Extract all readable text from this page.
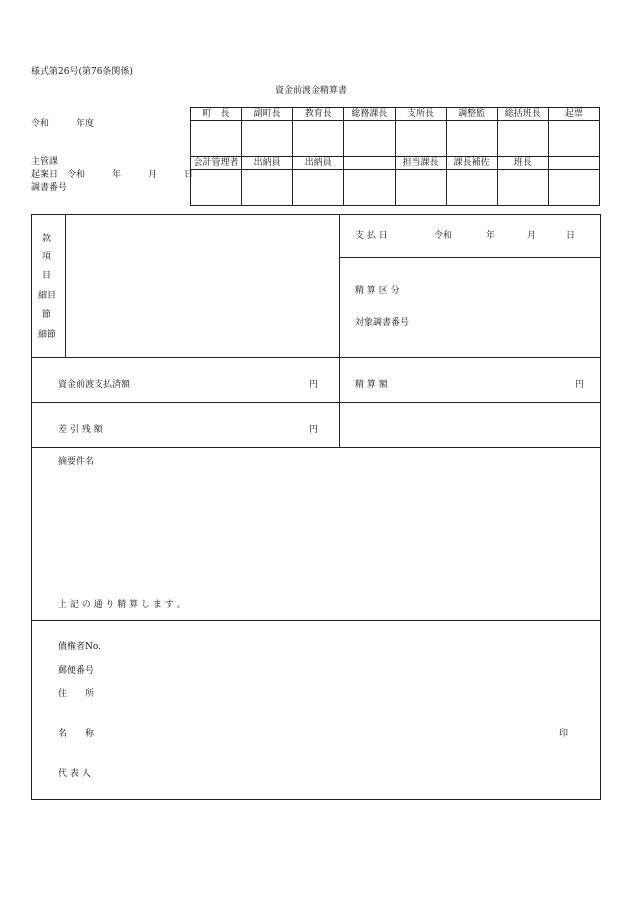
様式第26号(第76条関係)
資金前渡金精算書
令和　　　年度
町　長	副町長	教育長	総務課長	支所長	調整監	総括班長	起票

会計管理者	出納員	出納員		担当課長	課長補佐	班長	

主管課
起案日　令和　　　年　　　月　　　日
調書番号
款
項
目
細目
節
細節
支 払 日	令和	年	月	日
精 算 区 分
対象調書番号
資金前渡支払済額	円	精 算 額	円
差 引 残 額	円
摘要件名
上 記 の 通 り 精 算 し ま す 。
債権者No.
郵便番号
住　　所
名　　称	印
代 表 人
